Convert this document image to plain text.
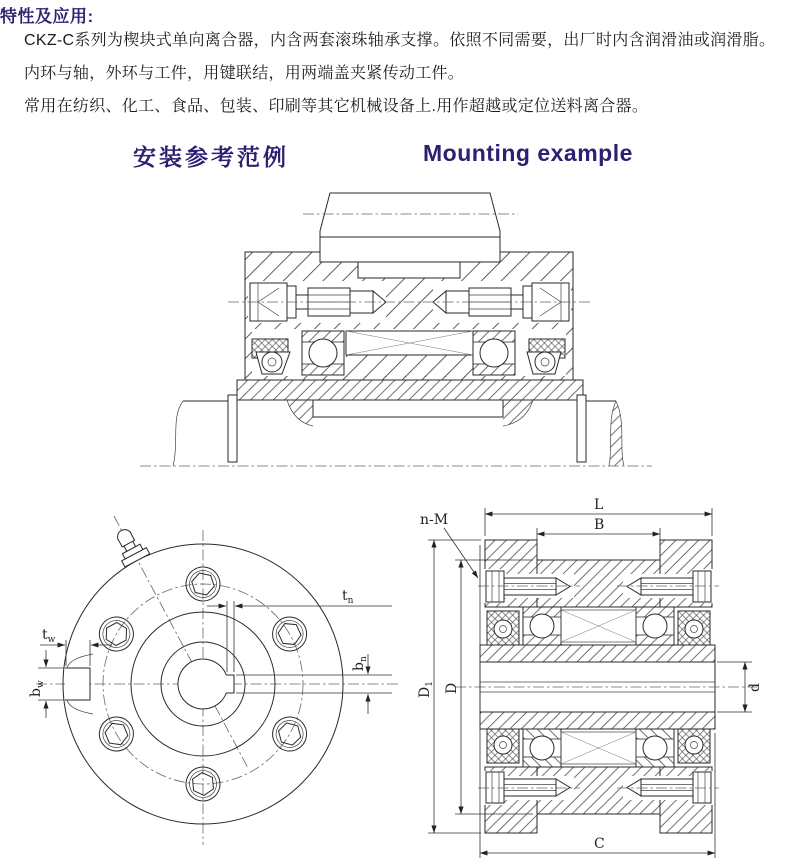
特性及应用:

CKZ-C系列为楔块式单向离合器，内含两套滚珠轴承支撑。依照不同需要，出厂时内含润滑油或润滑脂。

内环与轴，外环与工件，用键联结，用两端盖夹紧传动工件。

常用在纺织、化工、食品、包装、印刷等其它机械设备上.用作超越或定位送料离合器。

安装参考范例	Mounting example
$t_w$
$b_w$
$t_n$
$b_n$
L
B
n-M
$D_1$ D	d
C
